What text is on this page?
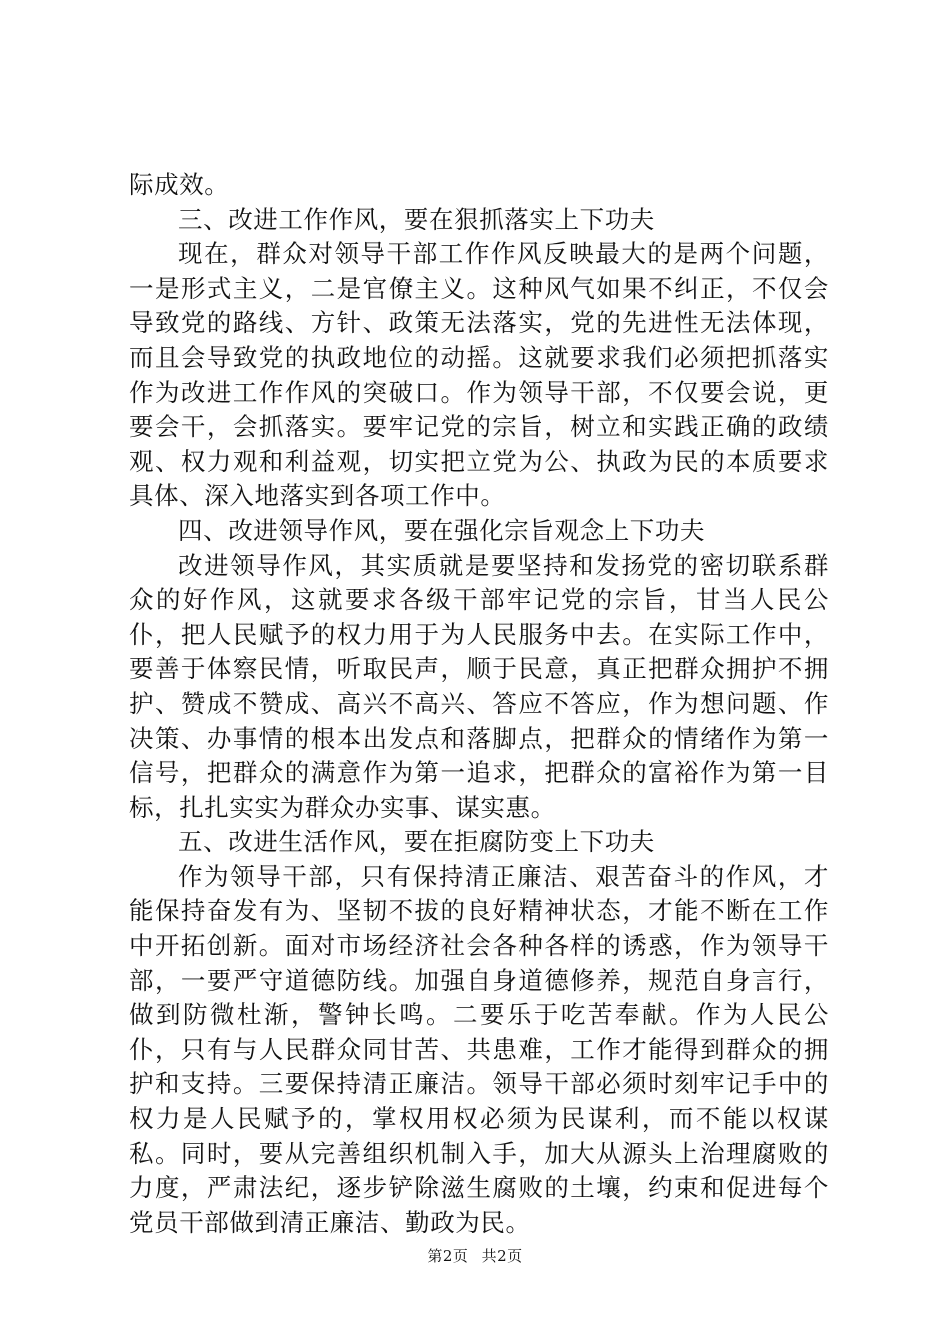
际成效。

三、改进工作作风，要在狠抓落实上下功夫

现在，群众对领导干部工作作风反映最大的是两个问题，一是形式主义，二是官僚主义。这种风气如果不纠正，不仅会导致党的路线、方针、政策无法落实，党的先进性无法体现，而且会导致党的执政地位的动摇。这就要求我们必须把抓落实作为改进工作作风的突破口。作为领导干部，不仅要会说，更要会干，会抓落实。要牢记党的宗旨，树立和实践正确的政绩观、权力观和利益观，切实把立党为公、执政为民的本质要求具体、深入地落实到各项工作中。

四、改进领导作风，要在强化宗旨观念上下功夫

改进领导作风，其实质就是要坚持和发扬党的密切联系群众的好作风，这就要求各级干部牢记党的宗旨，甘当人民公仆，把人民赋予的权力用于为人民服务中去。在实际工作中，要善于体察民情，听取民声，顺于民意，真正把群众拥护不拥护、赞成不赞成、高兴不高兴、答应不答应，作为想问题、作决策、办事情的根本出发点和落脚点，把群众的情绪作为第一信号，把群众的满意作为第一追求，把群众的富裕作为第一目标，扎扎实实为群众办实事、谋实惠。

五、改进生活作风，要在拒腐防变上下功夫

作为领导干部，只有保持清正廉洁、艰苦奋斗的作风，才能保持奋发有为、坚韧不拔的良好精神状态，才能不断在工作中开拓创新。面对市场经济社会各种各样的诱惑，作为领导干部，一要严守道德防线。加强自身道德修养，规范自身言行，做到防微杜渐，警钟长鸣。二要乐于吃苦奉献。作为人民公仆，只有与人民群众同甘苦、共患难，工作才能得到群众的拥护和支持。三要保持清正廉洁。领导干部必须时刻牢记手中的权力是人民赋予的，掌权用权必须为民谋利，而不能以权谋私。同时，要从完善组织机制入手，加大从源头上治理腐败的力度，严肃法纪，逐步铲除滋生腐败的土壤，约束和促进每个党员干部做到清正廉洁、勤政为民。

第2页 共2页
